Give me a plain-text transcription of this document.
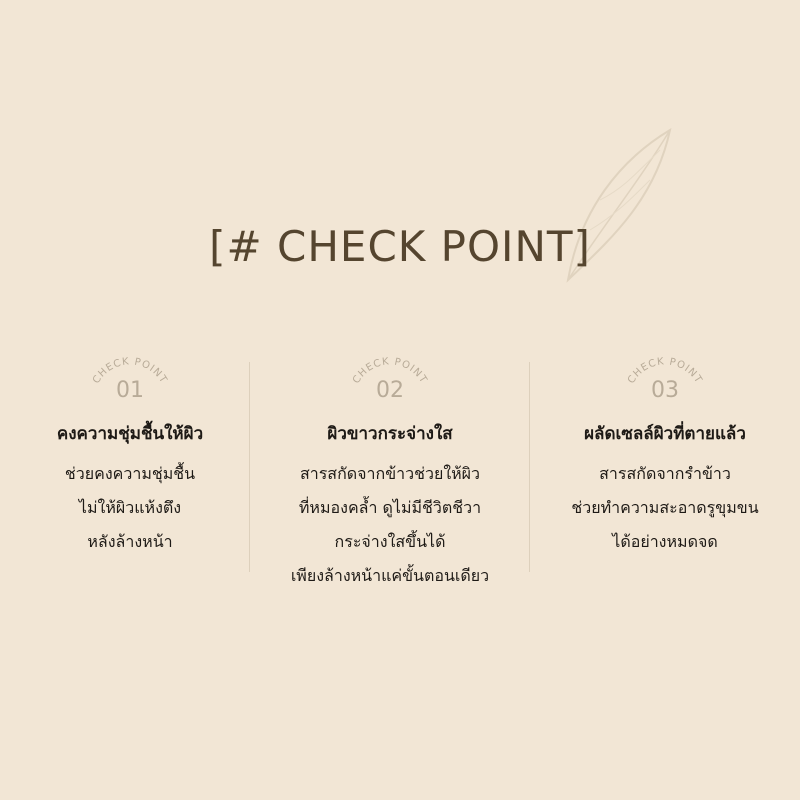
[# CHECK POINT]
CHECK POINT
01
คงความชุ่มชื้นให้ผิว
ช่วยคงความชุ่มชื้น
ไม่ให้ผิวแห้งตึง
หลังล้างหน้า
CHECK POINT
02
ผิวขาวกระจ่างใส
สารสกัดจากข้าวช่วยให้ผิว
ที่หมองคล้ำ ดูไม่มีชีวิตชีวา
กระจ่างใสขึ้นได้
เพียงล้างหน้าแค่ขั้นตอนเดียว
CHECK POINT
03
ผลัดเซลล์ผิวที่ตายแล้ว
สารสกัดจากรำข้าว
ช่วยทำความสะอาดรูขุมขน
ได้อย่างหมดจด
